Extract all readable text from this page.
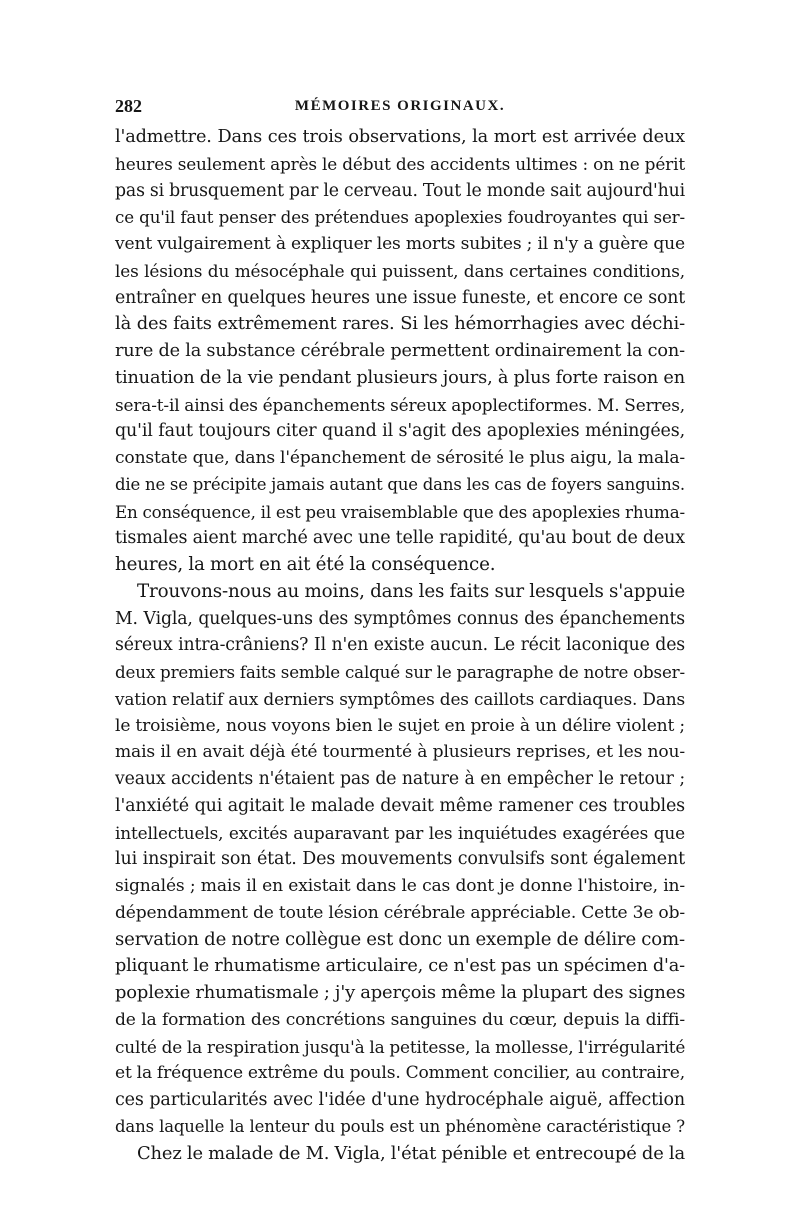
282	MÉMOIRES ORIGINAUX.
l'admettre. Dans ces trois observations, la mort est arrivée deux
heures seulement après le début des accidents ultimes : on ne périt
pas si brusquement par le cerveau. Tout le monde sait aujourd'hui
ce qu'il faut penser des prétendues apoplexies foudroyantes qui ser-
vent vulgairement à expliquer les morts subites ; il n'y a guère que
les lésions du mésocéphale qui puissent, dans certaines conditions,
entraîner en quelques heures une issue funeste, et encore ce sont
là des faits extrêmement rares. Si les hémorrhagies avec déchi-
rure de la substance cérébrale permettent ordinairement la con-
tinuation de la vie pendant plusieurs jours, à plus forte raison en
sera-t-il ainsi des épanchements séreux apoplectiformes. M. Serres,
qu'il faut toujours citer quand il s'agit des apoplexies méningées,
constate que, dans l'épanchement de sérosité le plus aigu, la mala-
die ne se précipite jamais autant que dans les cas de foyers sanguins.
En conséquence, il est peu vraisemblable que des apoplexies rhuma-
tismales aient marché avec une telle rapidité, qu'au bout de deux
heures, la mort en ait été la conséquence.
Trouvons-nous au moins, dans les faits sur lesquels s'appuie
M. Vigla, quelques-uns des symptômes connus des épanchements
séreux intra-crâniens? Il n'en existe aucun. Le récit laconique des
deux premiers faits semble calqué sur le paragraphe de notre obser-
vation relatif aux derniers symptômes des caillots cardiaques. Dans
le troisième, nous voyons bien le sujet en proie à un délire violent ;
mais il en avait déjà été tourmenté à plusieurs reprises, et les nou-
veaux accidents n'étaient pas de nature à en empêcher le retour ;
l'anxiété qui agitait le malade devait même ramener ces troubles
intellectuels, excités auparavant par les inquiétudes exagérées que
lui inspirait son état. Des mouvements convulsifs sont également
signalés ; mais il en existait dans le cas dont je donne l'histoire, in-
dépendamment de toute lésion cérébrale appréciable. Cette 3e ob-
servation de notre collègue est donc un exemple de délire com-
pliquant le rhumatisme articulaire, ce n'est pas un spécimen d'a-
poplexie rhumatismale ; j'y aperçois même la plupart des signes
de la formation des concrétions sanguines du cœur, depuis la diffi-
culté de la respiration jusqu'à la petitesse, la mollesse, l'irrégularité
et la fréquence extrême du pouls. Comment concilier, au contraire,
ces particularités avec l'idée d'une hydrocéphale aiguë, affection
dans laquelle la lenteur du pouls est un phénomène caractéristique ?
Chez le malade de M. Vigla, l'état pénible et entrecoupé de la
